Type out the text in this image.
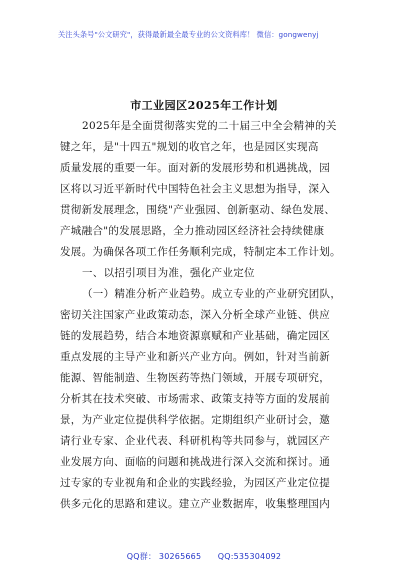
关注头条号"公文研究"，获得最新最全最专业的公文资料库！ 微信：gongwenyj
市工业园区2025年工作计划
2025年是全面贯彻落实党的二十届三中全会精神的关
键之年，是"十四五"规划的收官之年，也是园区实现高
质量发展的重要一年。面对新的发展形势和机遇挑战，园
区将以习近平新时代中国特色社会主义思想为指导，深入
贯彻新发展理念，围绕"产业强园、创新驱动、绿色发展、
产城融合"的发展思路，全力推动园区经济社会持续健康
发展。为确保各项工作任务顺利完成，特制定本工作计划。
一、以招引项目为准，强化产业定位
（一）精准分析产业趋势。成立专业的产业研究团队，
密切关注国家产业政策动态，深入分析全球产业链、供应
链的发展趋势，结合本地资源禀赋和产业基础，确定园区
重点发展的主导产业和新兴产业方向。例如，针对当前新
能源、智能制造、生物医药等热门领域，开展专项研究，
分析其在技术突破、市场需求、政策支持等方面的发展前
景，为产业定位提供科学依据。定期组织产业研讨会，邀
请行业专家、企业代表、科研机构等共同参与，就园区产
业发展方向、面临的问题和挑战进行深入交流和探讨。通
过专家的专业视角和企业的实践经验，为园区产业定位提
供多元化的思路和建议。建立产业数据库，收集整理国内
QQ群： 30265665      QQ:535304092
